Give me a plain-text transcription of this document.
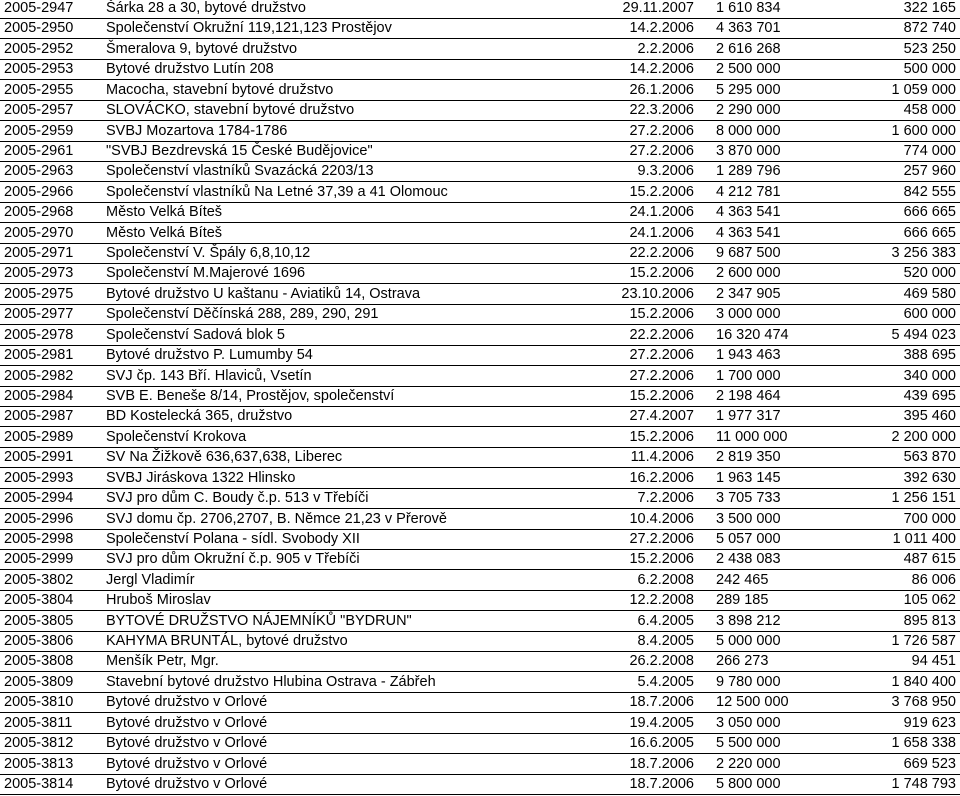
2005-2947 Šárka 28 a 30, bytové družstvo	29.11.2007 1 610 834	322 165
2005-2950 Společenství Okružní 119,121,123 Prostějov	14.2.2006 4 363 701	872 740
2005-2952 Šmeralova 9, bytové družstvo	2.2.2006 2 616 268	523 250
2005-2953 Bytové družstvo Lutín 208	14.2.2006 2 500 000	500 000
2005-2955 Macocha, stavební bytové družstvo	26.1.2006 5 295 000	1 059 000
2005-2957 SLOVÁCKO, stavební bytové družstvo	22.3.2006 2 290 000	458 000
2005-2959 SVBJ Mozartova 1784-1786	27.2.2006 8 000 000	1 600 000
2005-2961 "SVBJ Bezdrevská 15 České Budějovice"	27.2.2006 3 870 000	774 000
2005-2963 Společenství vlastníků Svazácká 2203/13	9.3.2006 1 289 796	257 960
2005-2966 Společenství vlastníků Na Letné 37,39 a 41 Olomouc	15.2.2006 4 212 781	842 555
2005-2968 Město Velká Bíteš	24.1.2006 4 363 541	666 665
2005-2970 Město Velká Bíteš	24.1.2006 4 363 541	666 665
2005-2971 Společenství V. Špály 6,8,10,12	22.2.2006 9 687 500	3 256 383
2005-2973 Společenství M.Majerové 1696	15.2.2006 2 600 000	520 000
2005-2975 Bytové družstvo U kaštanu - Aviatiků 14, Ostrava	23.10.2006 2 347 905	469 580
2005-2977 Společenství Děčínská 288, 289, 290, 291	15.2.2006 3 000 000	600 000
2005-2978 Společenství Sadová blok 5	22.2.2006 16 320 474	5 494 023
2005-2981 Bytové družstvo P. Lumumby 54	27.2.2006 1 943 463	388 695
2005-2982 SVJ čp. 143 Bří. Hlaviců, Vsetín	27.2.2006 1 700 000	340 000
2005-2984 SVB E. Beneše 8/14, Prostějov, společenství	15.2.2006 2 198 464	439 695
2005-2987 BD Kostelecká 365, družstvo	27.4.2007 1 977 317	395 460
2005-2989 Společenství Krokova	15.2.2006 11 000 000	2 200 000
2005-2991 SV Na Žižkově 636,637,638, Liberec	11.4.2006 2 819 350	563 870
2005-2993 SVBJ Jiráskova 1322 Hlinsko	16.2.2006 1 963 145	392 630
2005-2994 SVJ pro dům C. Boudy č.p. 513 v Třebíči	7.2.2006 3 705 733	1 256 151
2005-2996 SVJ domu čp. 2706,2707, B. Němce 21,23 v Přerově	10.4.2006 3 500 000	700 000
2005-2998 Společenství Polana - sídl. Svobody XII	27.2.2006 5 057 000	1 011 400
2005-2999 SVJ pro dům Okružní č.p. 905 v Třebíči	15.2.2006 2 438 083	487 615
2005-3802 Jergl Vladimír	6.2.2008 242 465	86 006
2005-3804 Hruboš Miroslav	12.2.2008 289 185	105 062
2005-3805 BYTOVÉ DRUŽSTVO NÁJEMNÍKŮ "BYDRUN"	6.4.2005 3 898 212	895 813
2005-3806 KAHYMA BRUNTÁL, bytové družstvo	8.4.2005 5 000 000	1 726 587
2005-3808 Menšík Petr, Mgr.	26.2.2008 266 273	94 451
2005-3809 Stavební bytové družstvo Hlubina Ostrava - Zábřeh	5.4.2005 9 780 000	1 840 400
2005-3810 Bytové družstvo v Orlové	18.7.2006 12 500 000	3 768 950
2005-3811 Bytové družstvo v Orlové	19.4.2005 3 050 000	919 623
2005-3812 Bytové družstvo v Orlové	16.6.2005 5 500 000	1 658 338
2005-3813 Bytové družstvo v Orlové	18.7.2006 2 220 000	669 523
2005-3814 Bytové družstvo v Orlové	18.7.2006 5 800 000	1 748 793
